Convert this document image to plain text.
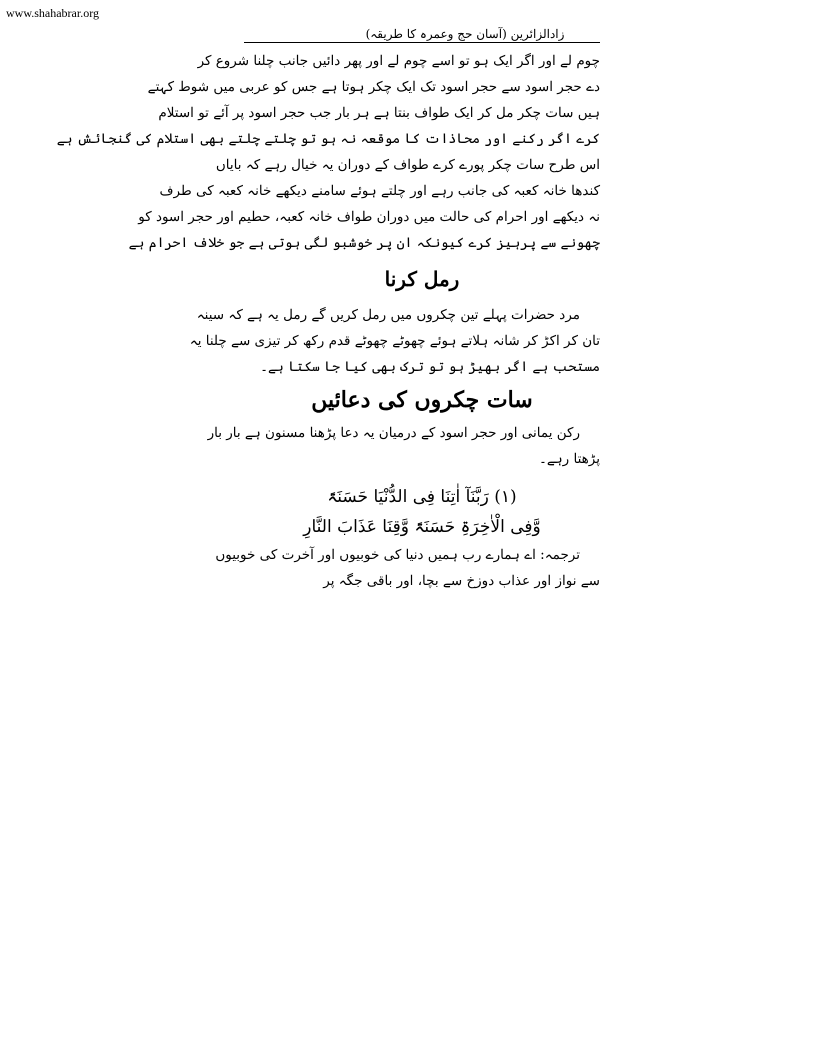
www.shahabrar.org
زادالزائرین (آسان حج وعمرہ کا طریقہ)
چوم لے اور اگر ایک ہو تو اسے چوم لے اور پھر دائیں جانب چلنا شروع کر
دے حجر اسود سے حجر اسود تک ایک چکر ہوتا ہے جس کو عربی میں شوط کہتے
ہیں سات چکر مل کر ایک طواف بنتا ہے ہر بار جب حجر اسود پر آئے تو استلام
کرے اگر رکنے اور محاذات کا موقعہ نہ ہو تو چلتے چلتے بھی استلام کی گنجائش ہے
اس طرح سات چکر پورے کرے طواف کے دوران یہ خیال رہے کہ بایاں
کندھا خانہ کعبہ کی جانب رہے اور چلتے ہوئے سامنے دیکھے خانہ کعبہ کی طرف
نہ دیکھے اور احرام کی حالت میں دوران طواف خانہ کعبہ، حطیم اور حجر اسود کو
چھونے سے پرہیز کرے کیونکہ ان پر خوشبو لگی ہوتی ہے جو خلاف احرام ہے
رمل کرنا
مرد حضرات پہلے تین چکروں میں رمل کریں گے رمل یہ ہے کہ سینہ
تان کر اکڑ کر شانہ ہلاتے ہوئے چھوٹے چھوٹے قدم رکھ کر تیزی سے چلنا یہ
مستحب ہے اگر بھیڑ ہو تو ترک بھی کیا جا سکتا ہے۔
سات چکروں کی دعائیں
رکن یمانی اور حجر اسود کے درمیان یہ دعا پڑھنا مسنون ہے بار بار
پڑھتا رہے۔
(۱) رَبَّنَآ اٰتِنَا فِی الدُّنْیَا حَسَنَۃً
وَّفِی الْاٰخِرَۃِ حَسَنَۃً وَّقِنَا عَذَابَ النَّارِ
ترجمہ: اے ہمارے رب ہمیں دنیا کی خوبیوں اور آخرت کی خوبیوں
سے نواز اور عذاب دوزخ سے بچا، اور باقی جگہ پر
